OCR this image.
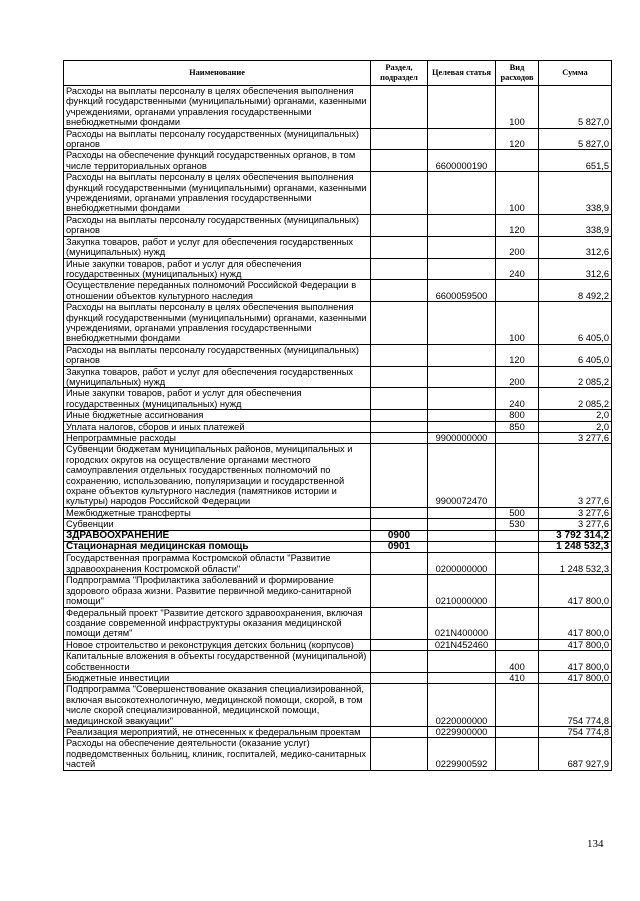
Наименование	Раздел, подраздел	Целевая статья	Вид расходов	Сумма
Расходы на выплаты персоналу в целях обеспечения выполнения функций государственными (муниципальными) органами, казенными учреждениями, органами управления государственными внебюджетными фондами			100	5 827,0
Расходы на выплаты персоналу государственных (муниципальных) органов			120	5 827,0
Расходы на обеспечение функций государственных органов, в том числе территориальных органов		6600000190		651,5
Расходы на выплаты персоналу в целях обеспечения выполнения функций государственными (муниципальными) органами, казенными учреждениями, органами управления государственными внебюджетными фондами			100	338,9
Расходы на выплаты персоналу государственных (муниципальных) органов			120	338,9
Закупка товаров, работ и услуг для обеспечения государственных (муниципальных) нужд			200	312,6
Иные закупки товаров, работ и услуг для обеспечения государственных (муниципальных) нужд			240	312,6
Осуществление переданных полномочий Российской Федерации в отношении объектов культурного наследия		6600059500		8 492,2
Расходы на выплаты персоналу в целях обеспечения выполнения функций государственными (муниципальными) органами, казенными учреждениями, органами управления государственными внебюджетными фондами			100	6 405,0
Расходы на выплаты персоналу государственных (муниципальных) органов			120	6 405,0
Закупка товаров, работ и услуг для обеспечения государственных (муниципальных) нужд			200	2 085,2
Иные закупки товаров, работ и услуг для обеспечения государственных (муниципальных) нужд			240	2 085,2
Иные бюджетные ассигнования			800	2,0
Уплата налогов, сборов и иных платежей			850	2,0
Непрограммные расходы		9900000000		3 277,6
Субвенции бюджетам муниципальных районов, муниципальных и городских округов на осуществление органами местного самоуправления отдельных государственных полномочий по сохранению, использованию, популяризации и государственной охране объектов культурного наследия (памятников истории и культуры) народов Российской Федерации		9900072470		3 277,6
Межбюджетные трансферты			500	3 277,6
Субвенции			530	3 277,6
ЗДРАВООХРАНЕНИЕ	0900			3 792 314,2
Стационарная медицинская помощь	0901			1 248 532,3
Государственная программа Костромской области "Развитие здравоохранения Костромской области"		0200000000		1 248 532,3
Подпрограмма "Профилактика заболеваний и формирование здорового образа жизни. Развитие первичной медико-санитарной помощи"		0210000000		417 800,0
Федеральный проект "Развитие детского здравоохранения, включая создание современной инфраструктуры оказания медицинской помощи детям"		021N400000		417 800,0
Новое строительство и реконструкция детских больниц (корпусов)		021N452460		417 800,0
Капитальные вложения в объекты государственной (муниципальной) собственности			400	417 800,0
Бюджетные инвестиции			410	417 800,0
Подпрограмма "Совершенствование оказания специализированной, включая высокотехнологичную, медицинской помощи, скорой, в том числе скорой специализированной, медицинской помощи, медицинской эвакуации"		0220000000		754 774,8
Реализация мероприятий, не отнесенных к федеральным проектам		0229900000		754 774,8
Расходы на обеспечение деятельности (оказание услуг) подведомственных больниц, клиник, госпиталей, медико-санитарных частей		0229900592		687 927,9
134
